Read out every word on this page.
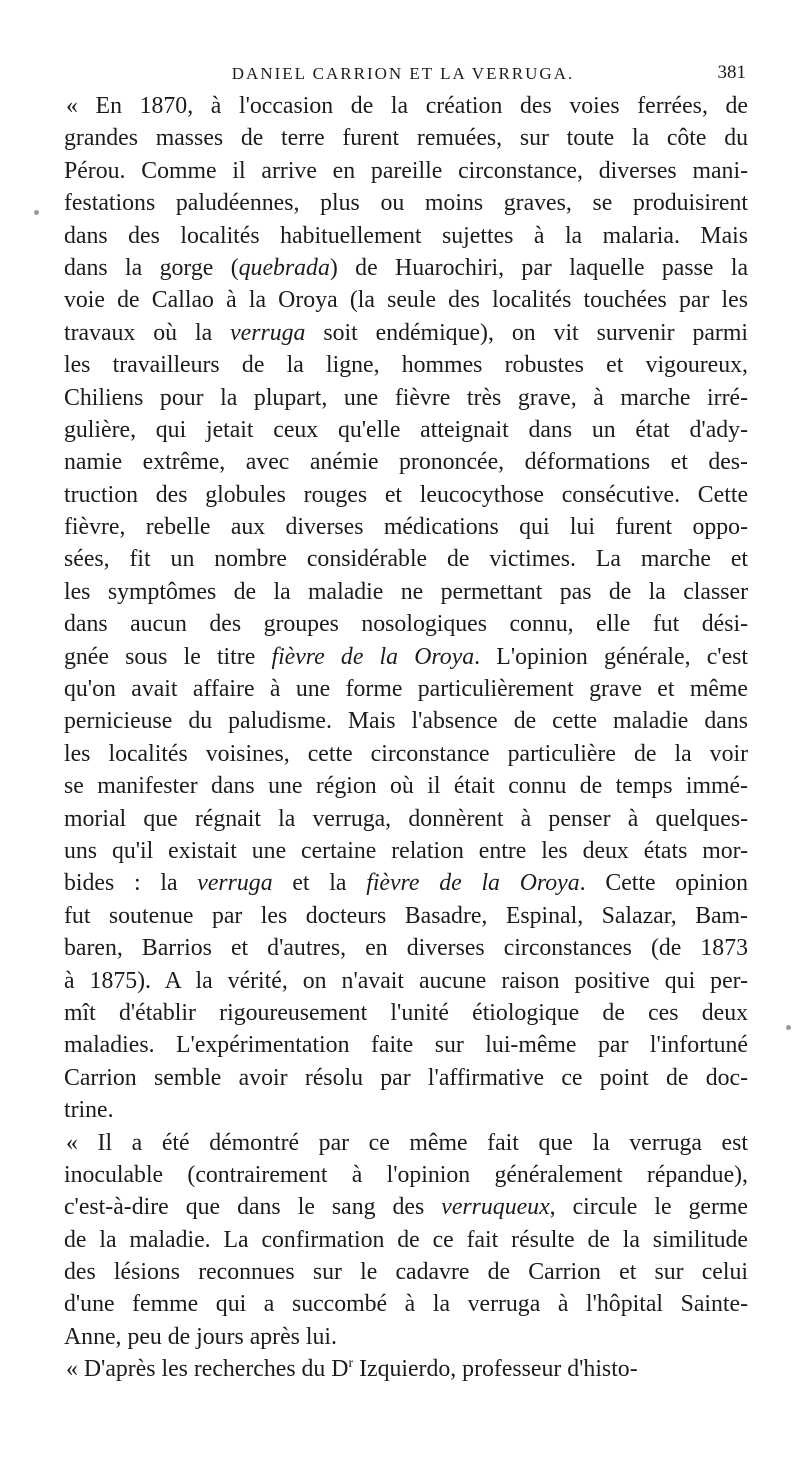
DANIEL CARRION ET LA VERRUGA.	381
« En 1870, à l'occasion de la création des voies ferrées, de
grandes masses de terre furent remuées, sur toute la côte du
Pérou. Comme il arrive en pareille circonstance, diverses mani-
festations paludéennes, plus ou moins graves, se produisirent
dans des localités habituellement sujettes à la malaria. Mais
dans la gorge (quebrada) de Huarochiri, par laquelle passe la
voie de Callao à la Oroya (la seule des localités touchées par les
travaux où la verruga soit endémique), on vit survenir parmi
les travailleurs de la ligne, hommes robustes et vigoureux,
Chiliens pour la plupart, une fièvre très grave, à marche irré-
gulière, qui jetait ceux qu'elle atteignait dans un état d'ady-
namie extrême, avec anémie prononcée, déformations et des-
truction des globules rouges et leucocythose consécutive. Cette
fièvre, rebelle aux diverses médications qui lui furent oppo-
sées, fit un nombre considérable de victimes. La marche et
les symptômes de la maladie ne permettant pas de la classer
dans aucun des groupes nosologiques connu, elle fut dési-
gnée sous le titre fièvre de la Oroya. L'opinion générale, c'est
qu'on avait affaire à une forme particulièrement grave et même
pernicieuse du paludisme. Mais l'absence de cette maladie dans
les localités voisines, cette circonstance particulière de la voir
se manifester dans une région où il était connu de temps immé-
morial que régnait la verruga, donnèrent à penser à quelques-
uns qu'il existait une certaine relation entre les deux états mor-
bides : la verruga et la fièvre de la Oroya. Cette opinion
fut soutenue par les docteurs Basadre, Espinal, Salazar, Bam-
baren, Barrios et d'autres, en diverses circonstances (de 1873
à 1875). A la vérité, on n'avait aucune raison positive qui per-
mît d'établir rigoureusement l'unité étiologique de ces deux
maladies. L'expérimentation faite sur lui-même par l'infortuné
Carrion semble avoir résolu par l'affirmative ce point de doc-
trine.
« Il a été démontré par ce même fait que la verruga est
inoculable (contrairement à l'opinion généralement répandue),
c'est-à-dire que dans le sang des verruqueux, circule le germe
de la maladie. La confirmation de ce fait résulte de la similitude
des lésions reconnues sur le cadavre de Carrion et sur celui
d'une femme qui a succombé à la verruga à l'hôpital Sainte-
Anne, peu de jours après lui.
« D'après les recherches du $D^r$ Izquierdo, professeur d'histo-
